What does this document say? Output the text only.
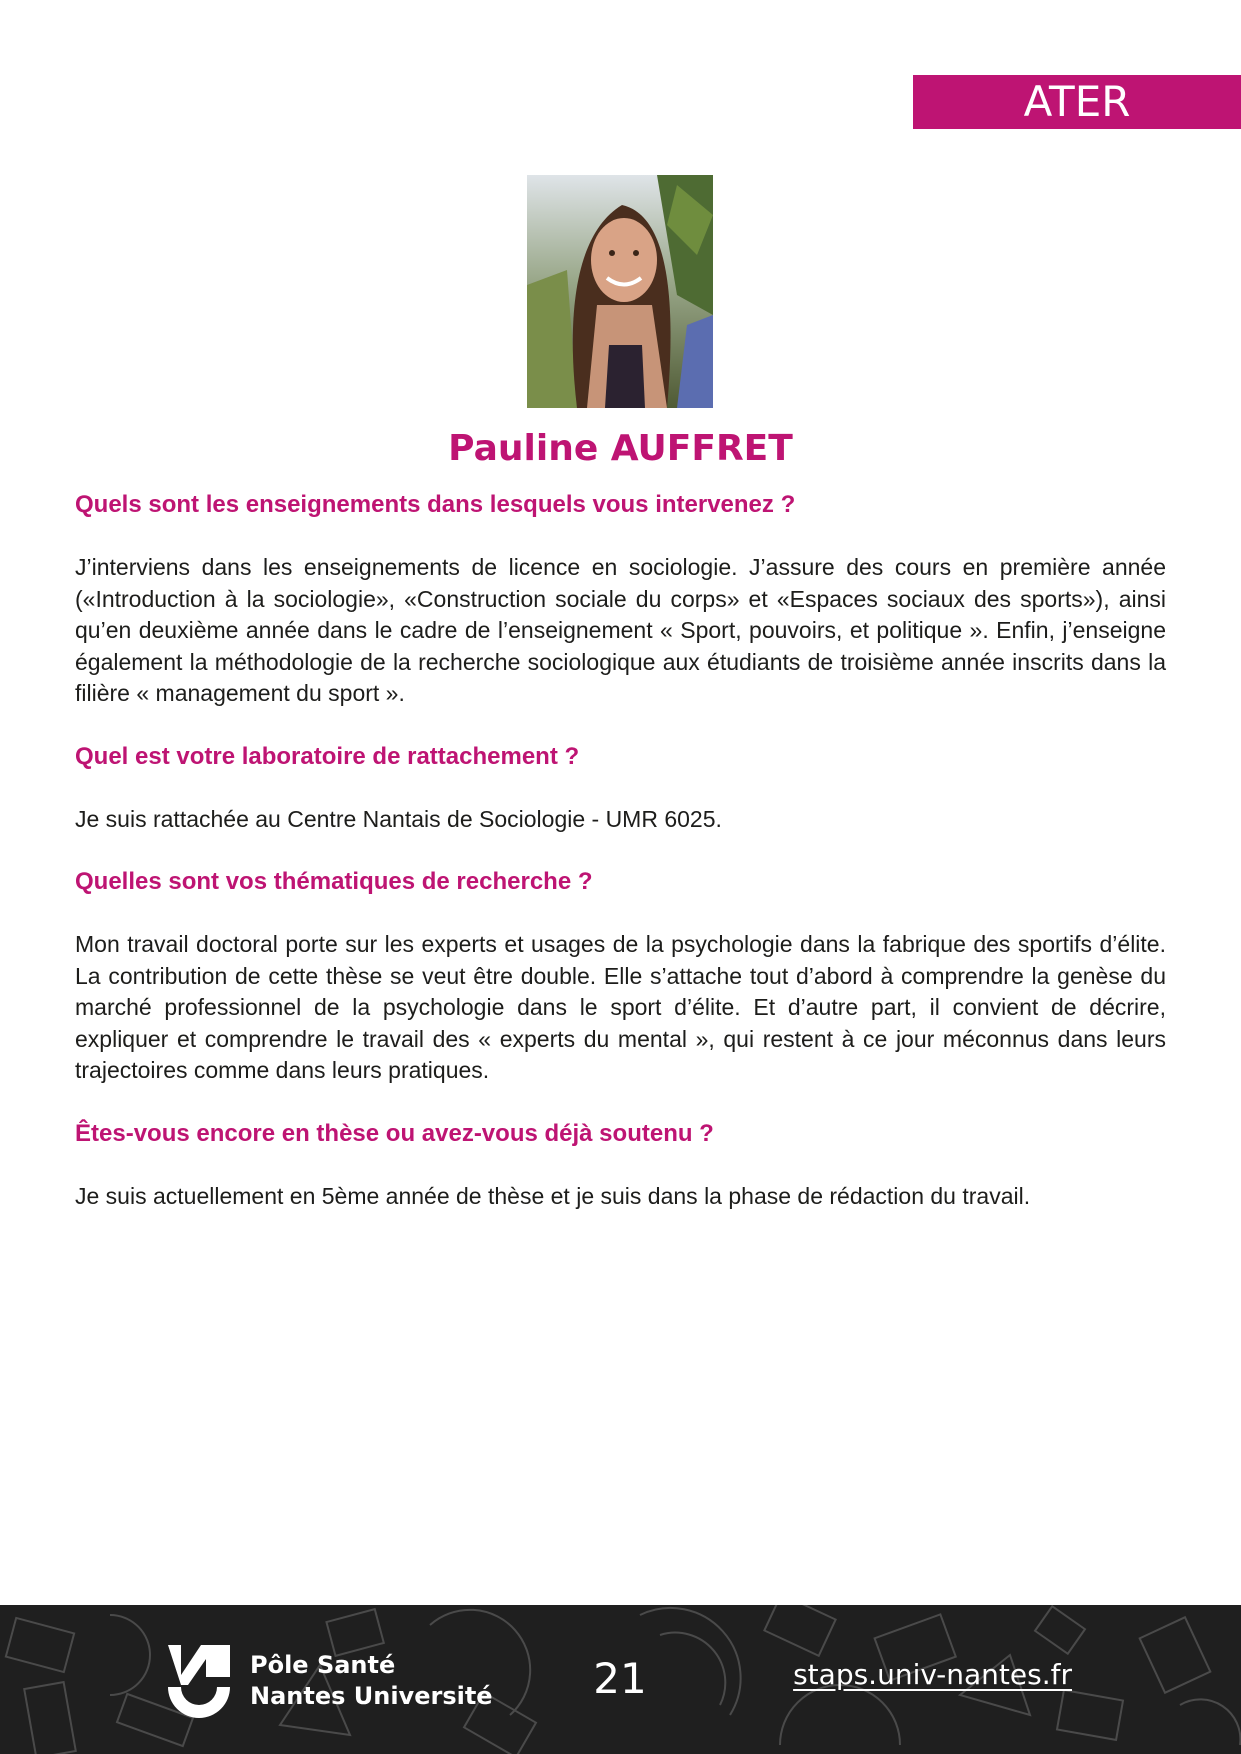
ATER
Pauline AUFFRET

Quels sont les enseignements dans lesquels vous intervenez ?

J’interviens dans les enseignements de licence en sociologie. J’assure des cours en première année («Introduction à la sociologie», «Construction sociale du corps» et «Espaces sociaux des sports»), ainsi qu’en deuxième année dans le cadre de l’enseignement « Sport, pouvoirs, et politique ». Enfin, j’enseigne également la méthodologie de la recherche sociologique aux étudiants de troisième année inscrits dans la filière « management du sport ».

Quel est votre laboratoire de rattachement ?

Je suis rattachée au Centre Nantais de Sociologie - UMR 6025.

Quelles sont vos thématiques de recherche ?

Mon travail doctoral porte sur les experts et usages de la psychologie dans la fabrique des sportifs d’élite. La contribution de cette thèse se veut être double. Elle s’attache tout d’abord à comprendre la genèse du marché professionnel de la psychologie dans le sport d’élite. Et d’autre part, il convient de décrire, expliquer et comprendre le travail des « experts du mental », qui restent à ce jour méconnus dans leurs trajectoires comme dans leurs pratiques.

Êtes-vous encore en thèse ou avez-vous déjà soutenu ?

Je suis actuellement en 5ème année de thèse et je suis dans la phase de rédaction du travail.

Pôle Santé
Nantes Université	21	staps.univ-nantes.fr
